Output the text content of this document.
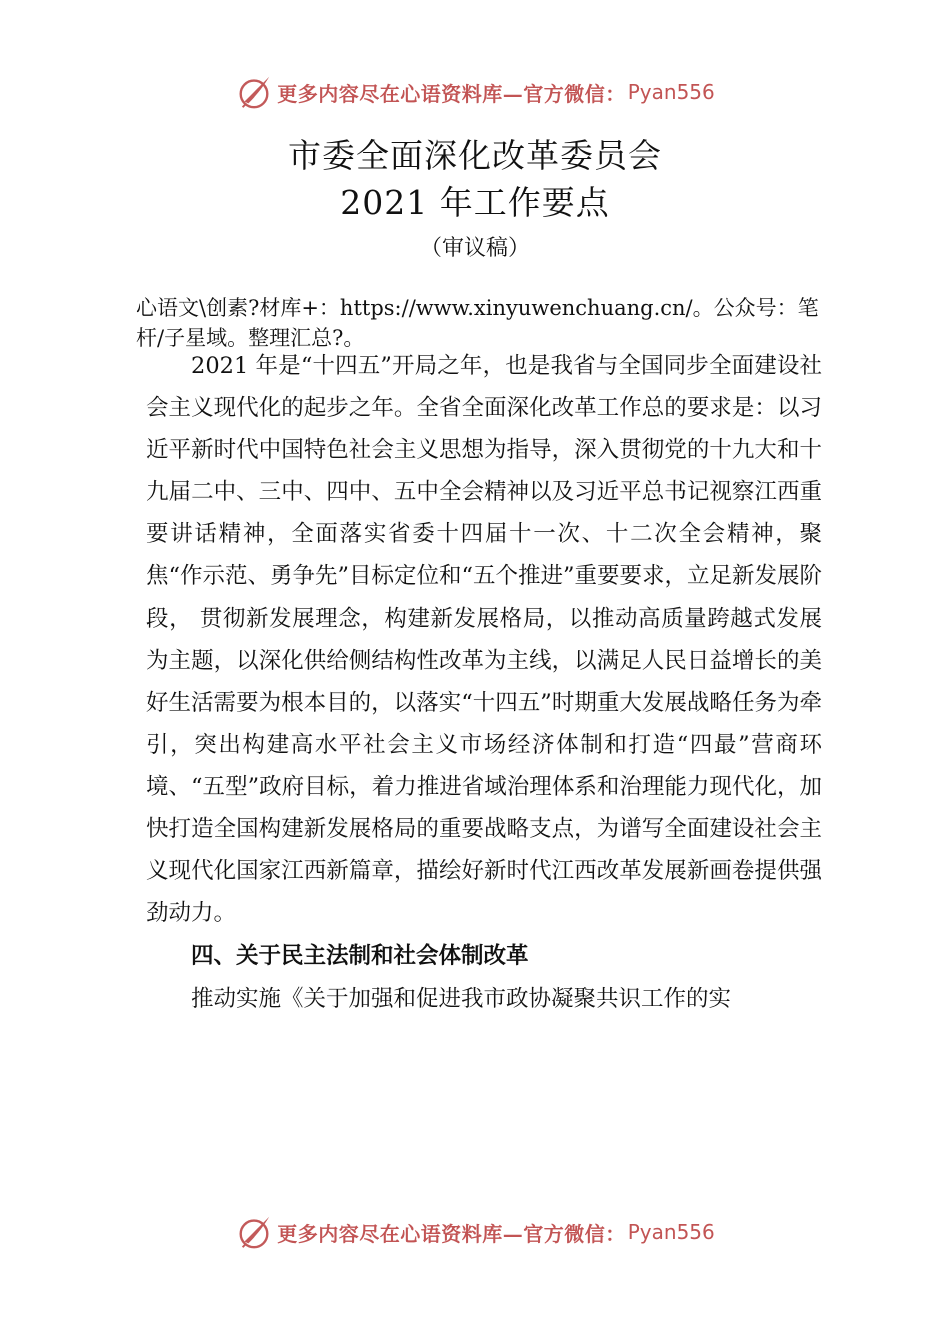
更多内容尽在心语资料库—官方微信： Pyan556
市委全面深化改革委员会
2021 年工作要点
（审议稿）
心语文\创素?材库+：https://www.xinyuwenchuang.cn/。公众号：笔杆/子星域。整理汇总?。

2021 年是“十四五”开局之年，也是我省与全国同步全面建设社会主义现代化的起步之年。全省全面深化改革工作总的要求是：以习近平新时代中国特色社会主义思想为指导，深入贯彻党的十九大和十九届二中、三中、四中、五中全会精神以及习近平总书记视察江西重要讲话精神，全面落实省委十四届十一次、十二次全会精神，聚焦“作示范、勇争先”目标定位和“五个推进”重要要求，立足新发展阶段， 贯彻新发展理念，构建新发展格局，以推动高质量跨越式发展为主题，以深化供给侧结构性改革为主线，以满足人民日益增长的美好生活需要为根本目的，以落实“十四五”时期重大发展战略任务为牵引，突出构建高水平社会主义市场经济体制和打造“四最”营商环境、“五型”政府目标，着力推进省域治理体系和治理能力现代化，加快打造全国构建新发展格局的重要战略支点，为谱写全面建设社会主义现代化国家江西新篇章，描绘好新时代江西改革发展新画卷提供强劲动力。

四、关于民主法制和社会体制改革

推动实施《关于加强和促进我市政协凝聚共识工作的实

更多内容尽在心语资料库—官方微信： Pyan556
